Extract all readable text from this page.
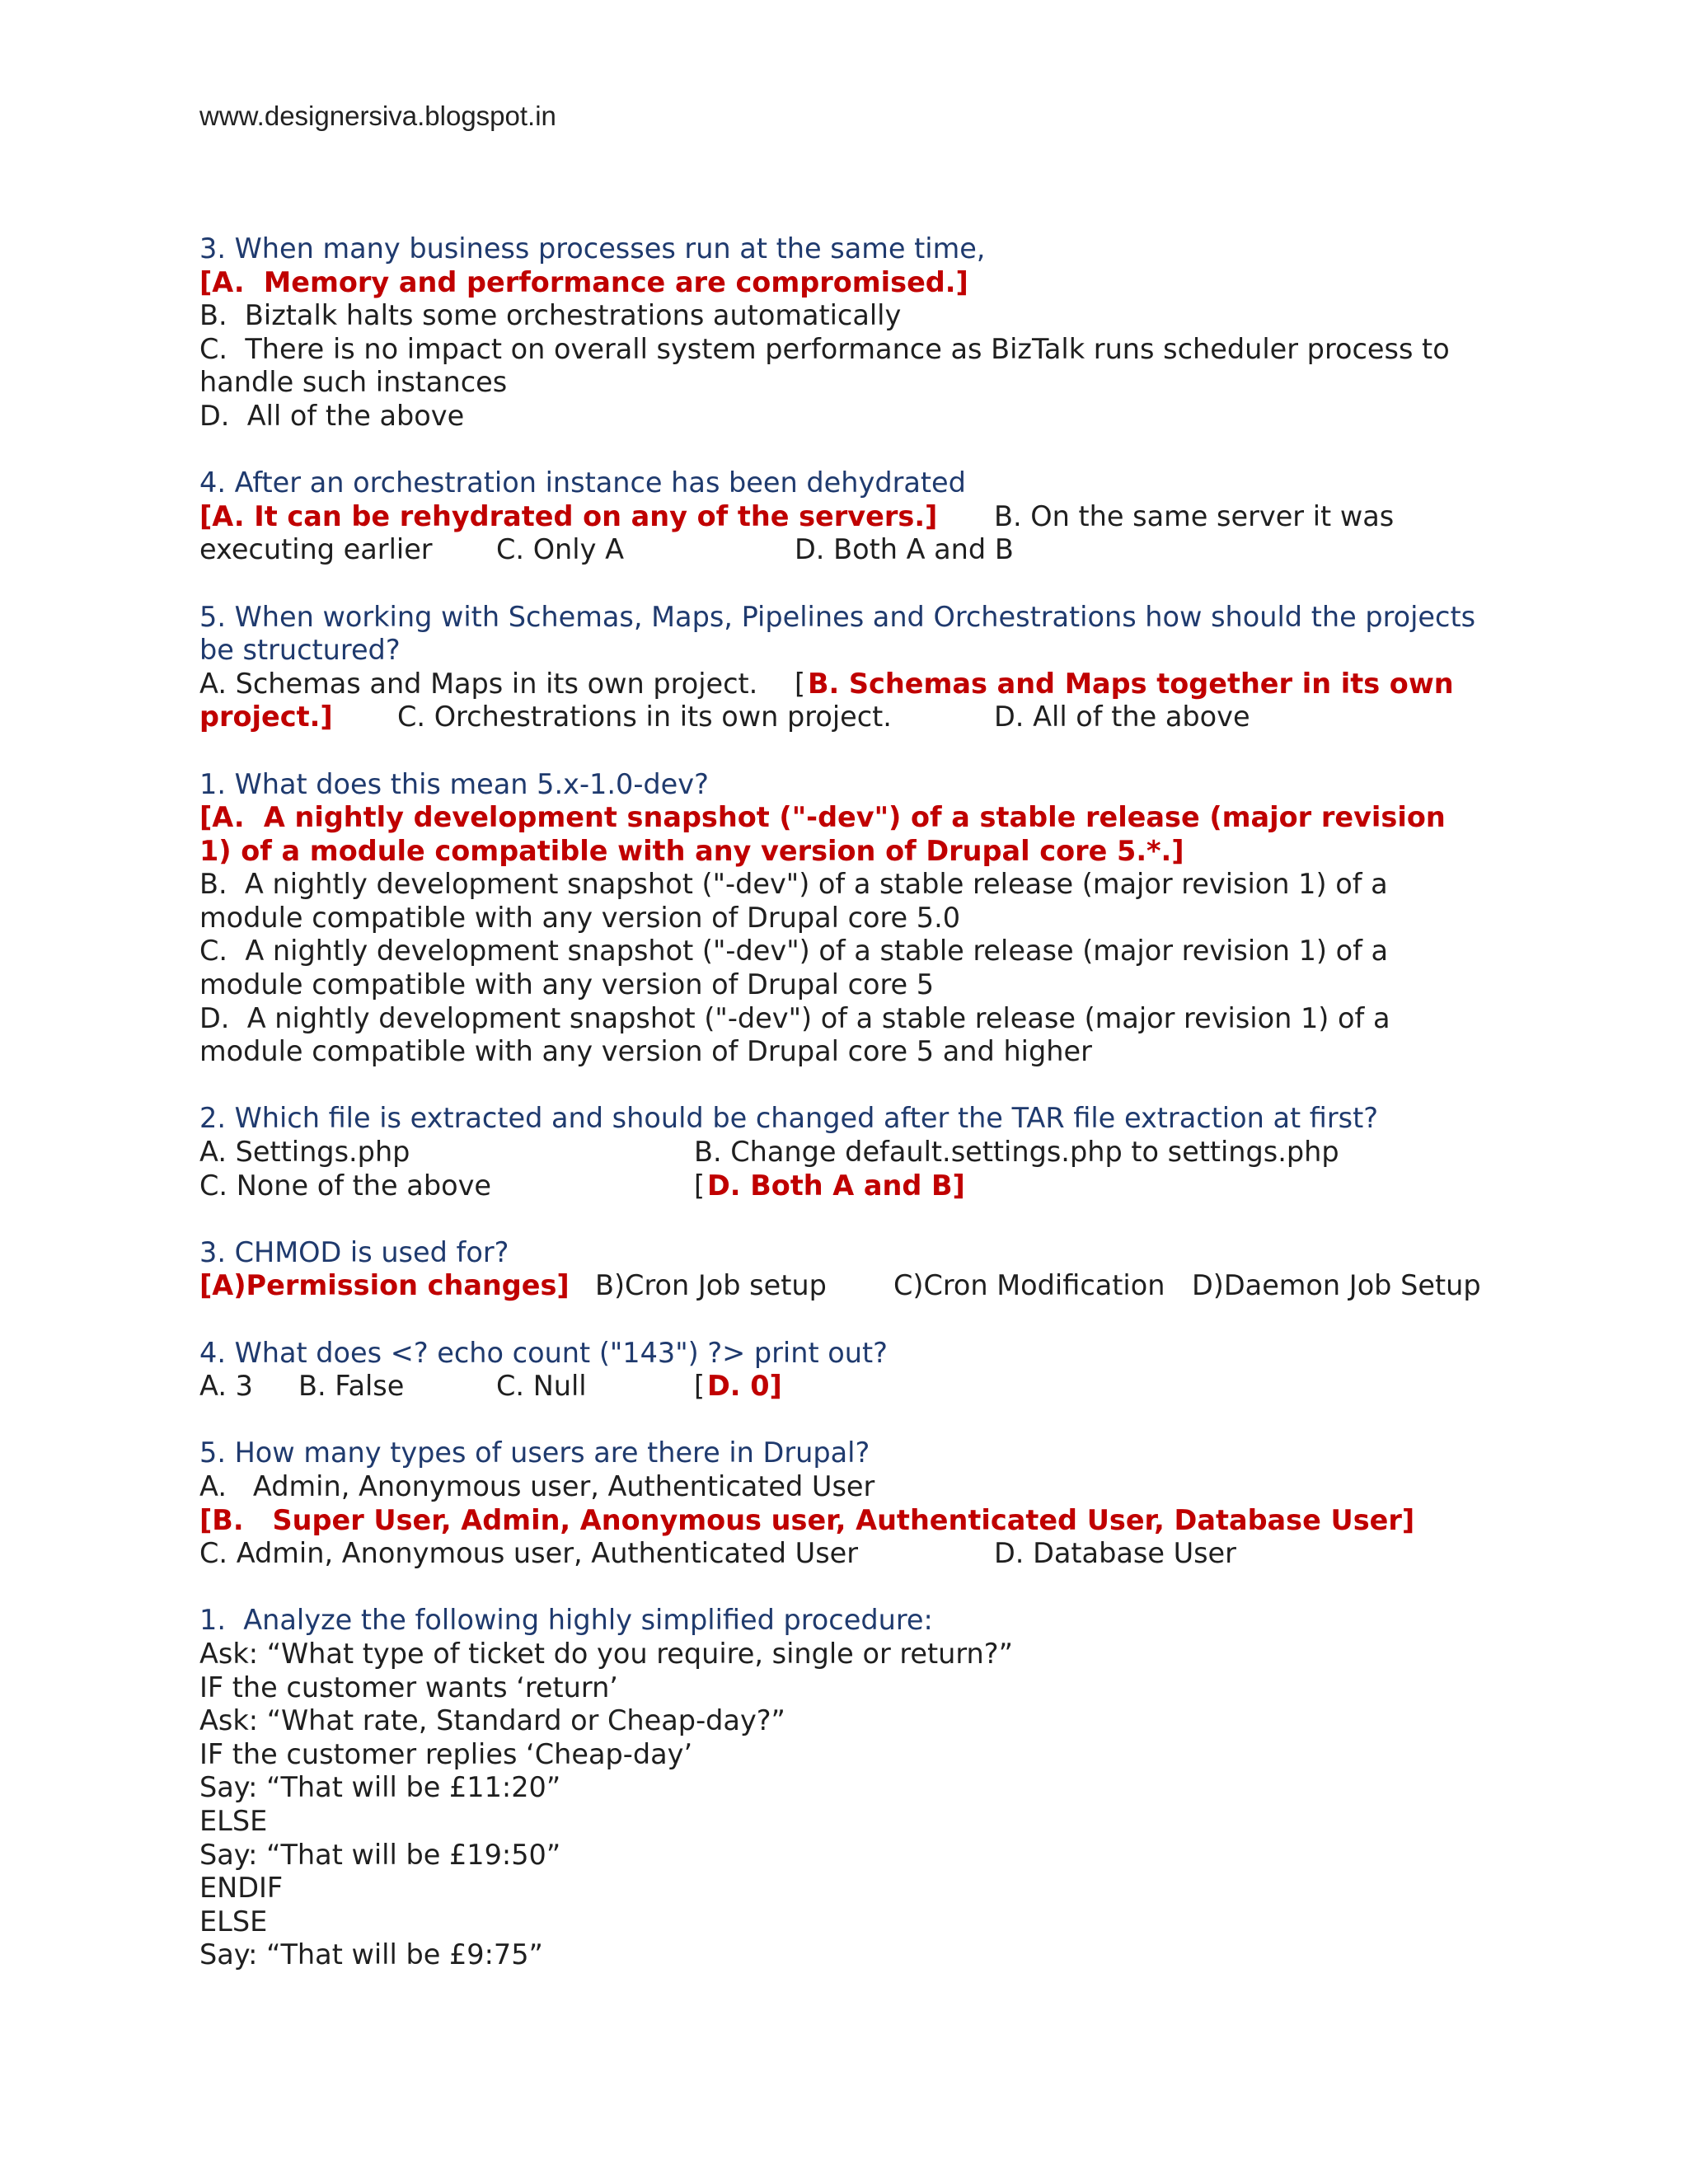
www.designersiva.blogspot.in
3. When many business processes run at the same time,
[A.  Memory and performance are compromised.]
B.  Biztalk halts some orchestrations automatically
C.  There is no impact on overall system performance as BizTalk runs scheduler process to
handle such instances
D.  All of the above
4. After an orchestration instance has been dehydrated
[A. It can be rehydrated on any of the servers.] B. On the same server it was
executing earlier C. Only A	D. Both A and B
5. When working with Schemas, Maps, Pipelines and Orchestrations how should the projects
be structured?
A. Schemas and Maps in its own project. [ B. Schemas and Maps together in its own
project.] C. Orchestrations in its own project.	D. All of the above
1. What does this mean 5.x-1.0-dev?
[A.  A nightly development snapshot ("-dev") of a stable release (major revision
1) of a module compatible with any version of Drupal core 5.*.]
B.  A nightly development snapshot ("-dev") of a stable release (major revision 1) of a
module compatible with any version of Drupal core 5.0
C.  A nightly development snapshot ("-dev") of a stable release (major revision 1) of a
module compatible with any version of Drupal core 5
D.  A nightly development snapshot ("-dev") of a stable release (major revision 1) of a
module compatible with any version of Drupal core 5 and higher
2. Which file is extracted and should be changed after the TAR file extraction at first?
A. Settings.php	B. Change default.settings.php to settings.php
C. None of the above	[ D. Both A and B]
3. CHMOD is used for?
[A)Permission changes] B)Cron Job setup C)Cron Modification D)Daemon Job Setup
4. What does <? echo count ("143") ?> print out?
A. 3 B. False	C. Null	[ D. 0]
5. How many types of users are there in Drupal?
A.   Admin, Anonymous user, Authenticated User
[B.   Super User, Admin, Anonymous user, Authenticated User, Database User]
C. Admin, Anonymous user, Authenticated User	D. Database User
1.  Analyze the following highly simplified procedure:
Ask: “What type of ticket do you require, single or return?”
IF the customer wants ‘return’
Ask: “What rate, Standard or Cheap-day?”
IF the customer replies ‘Cheap-day’
Say: “That will be £11:20”
ELSE
Say: “That will be £19:50”
ENDIF
ELSE
Say: “That will be £9:75”
